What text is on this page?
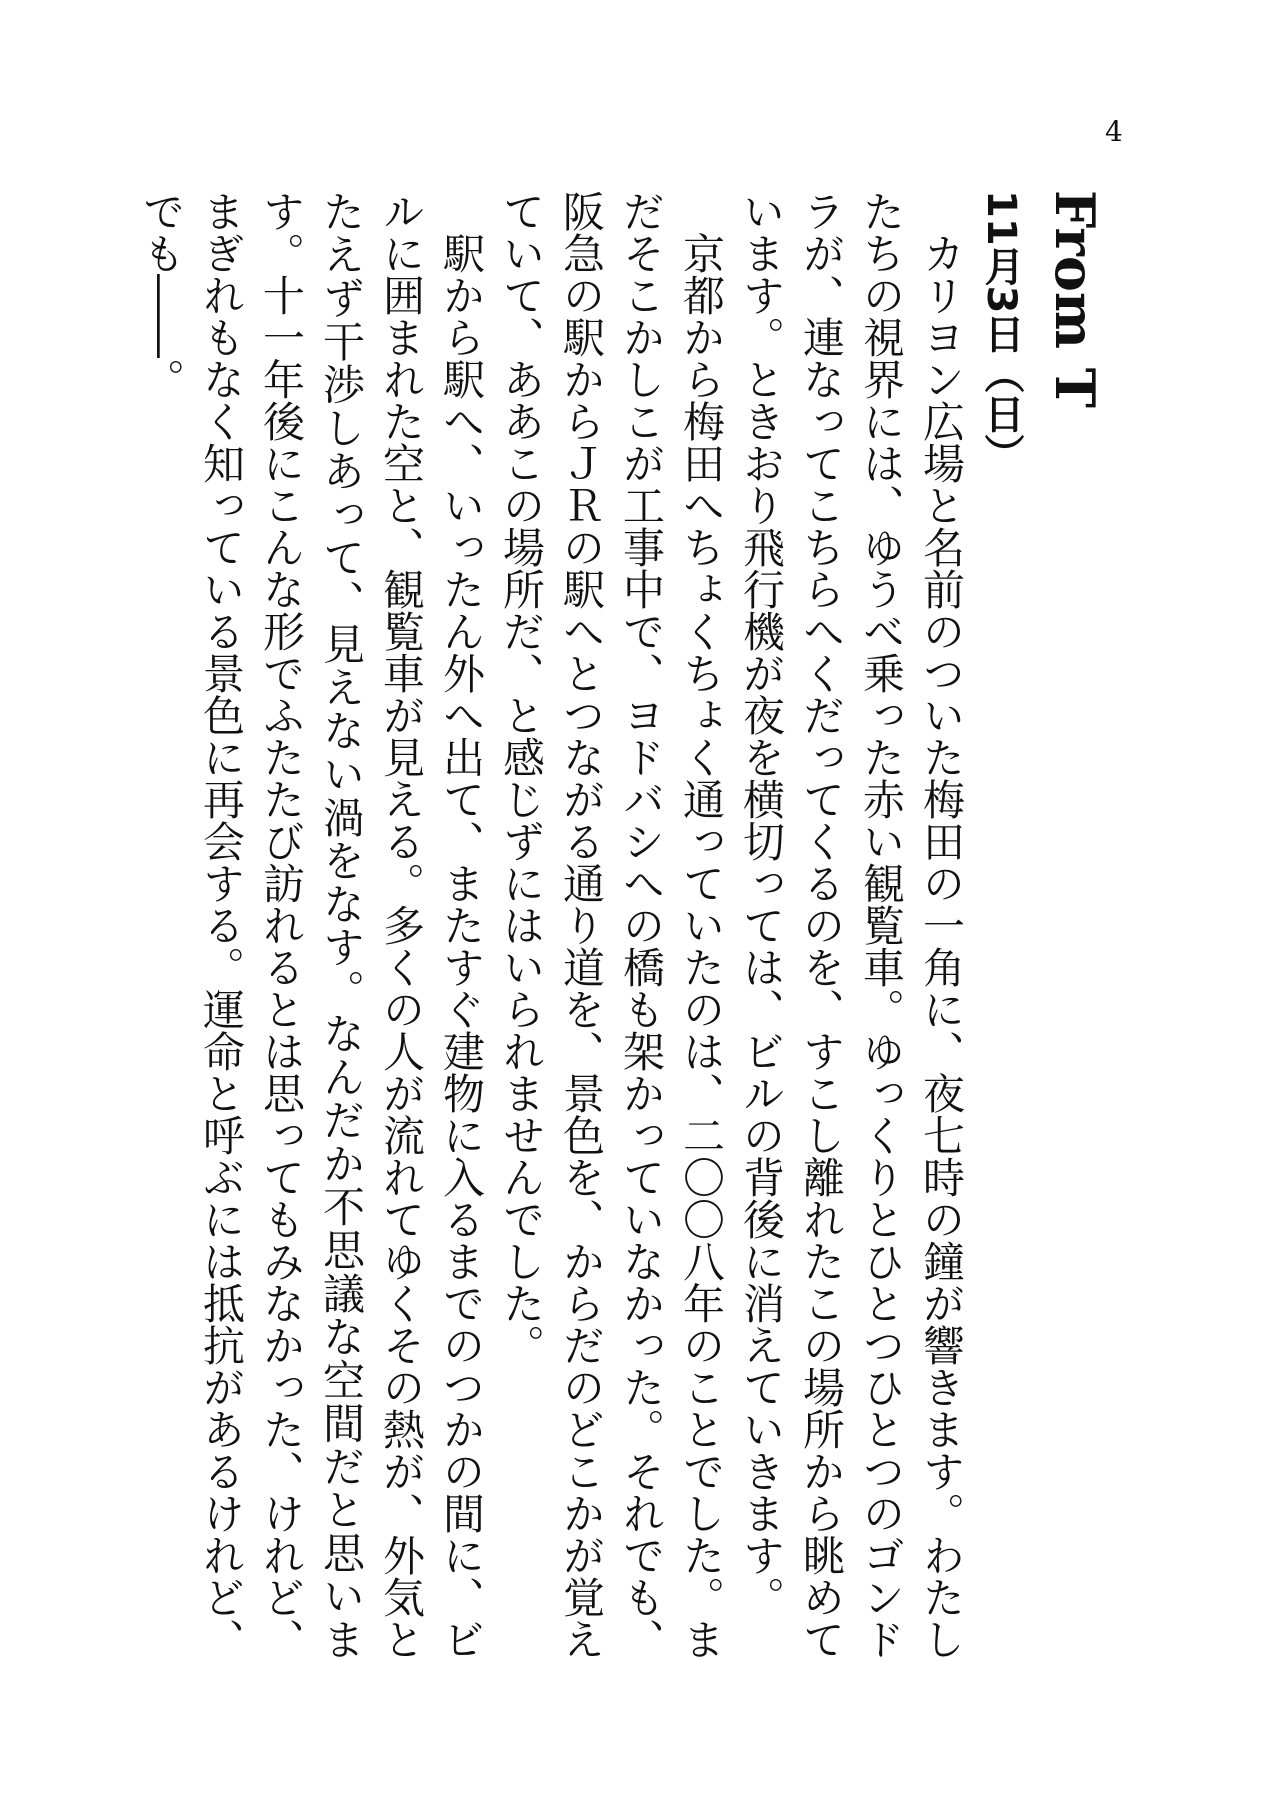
4
From T
11月3日（日）
カリヨン広場と名前のついた梅田の一角に、夜七時の鐘が響きます。わたしたちの視界には、ゆうべ乗った赤い観覧車。ゆっくりとひとつひとつのゴンドラが、連なってこちらへくだってくるのを、すこし離れたこの場所から眺めています。ときおり飛行機が夜を横切っては、ビルの背後に消えていきます。
京都から梅田へちょくちょく通っていたのは、二〇〇八年のことでした。まだそこかしこが工事中で、ヨドバシへの橋も架かっていなかった。それでも、阪急の駅からＪＲの駅へとつながる通り道を、景色を、からだのどこかが覚えていて、ああこの場所だ、と感じずにはいられませんでした。
駅から駅へ、いったん外へ出て、またすぐ建物に入るまでのつかの間に、ビルに囲まれた空と、観覧車が見える。多くの人が流れてゆくその熱が、外気とたえず干渉しあって、見えない渦をなす。なんだか不思議な空間だと思います。十一年後にこんな形でふたたび訪れるとは思ってもみなかった、けれど、まぎれもなく知っている景色に再会する。運命と呼ぶには抵抗があるけれど、でも――。
